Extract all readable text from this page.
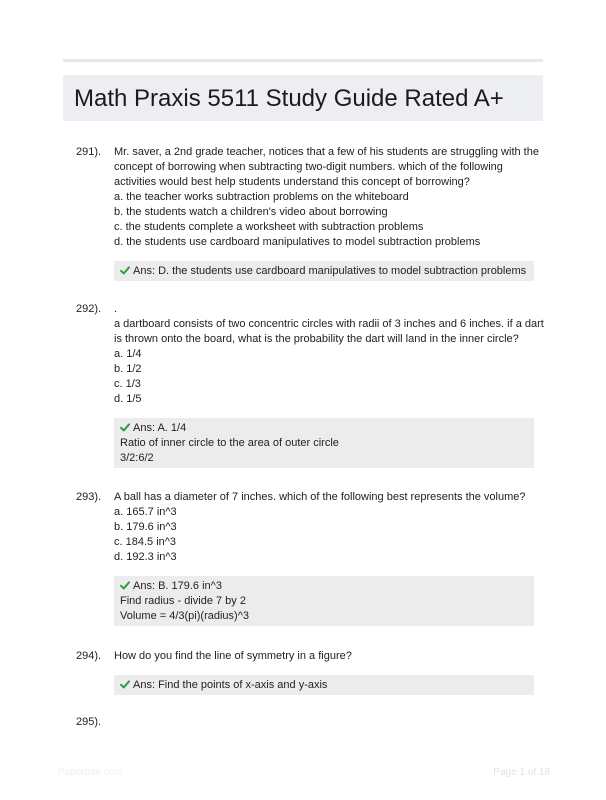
Math Praxis 5511 Study Guide Rated A+
291). Mr. saver, a 2nd grade teacher, notices that a few of his students are struggling with the
concept of borrowing when subtracting two-digit numbers. which of the following
activities would best help students understand this concept of borrowing?
a. the teacher works subtraction problems on the whiteboard
b. the students watch a children's video about borrowing
c. the students complete a worksheet with subtraction problems
d. the students use cardboard manipulatives to model subtraction problems
Ans: D. the students use cardboard manipulatives to model subtraction problems
292). .
a dartboard consists of two concentric circles with radii of 3 inches and 6 inches. if a dart
is thrown onto the board, what is the probability the dart will land in the inner circle?
a. 1/4
b. 1/2
c. 1/3
d. 1/5
Ans: A. 1/4
Ratio of inner circle to the area of outer circle
3/2:6/2
293). A ball has a diameter of 7 inches. which of the following best represents the volume?
a. 165.7 in^3
b. 179.6 in^3
c. 184.5 in^3
d. 192.3 in^3
Ans: B. 179.6 in^3
Find radius - divide 7 by 2
Volume = 4/3(pi)(radius)^3
294). How do you find the line of symmetry in a figure?
Ans: Find the points of x-axis and y-axis
295).
Paperbite.com	Page 1 of 18
